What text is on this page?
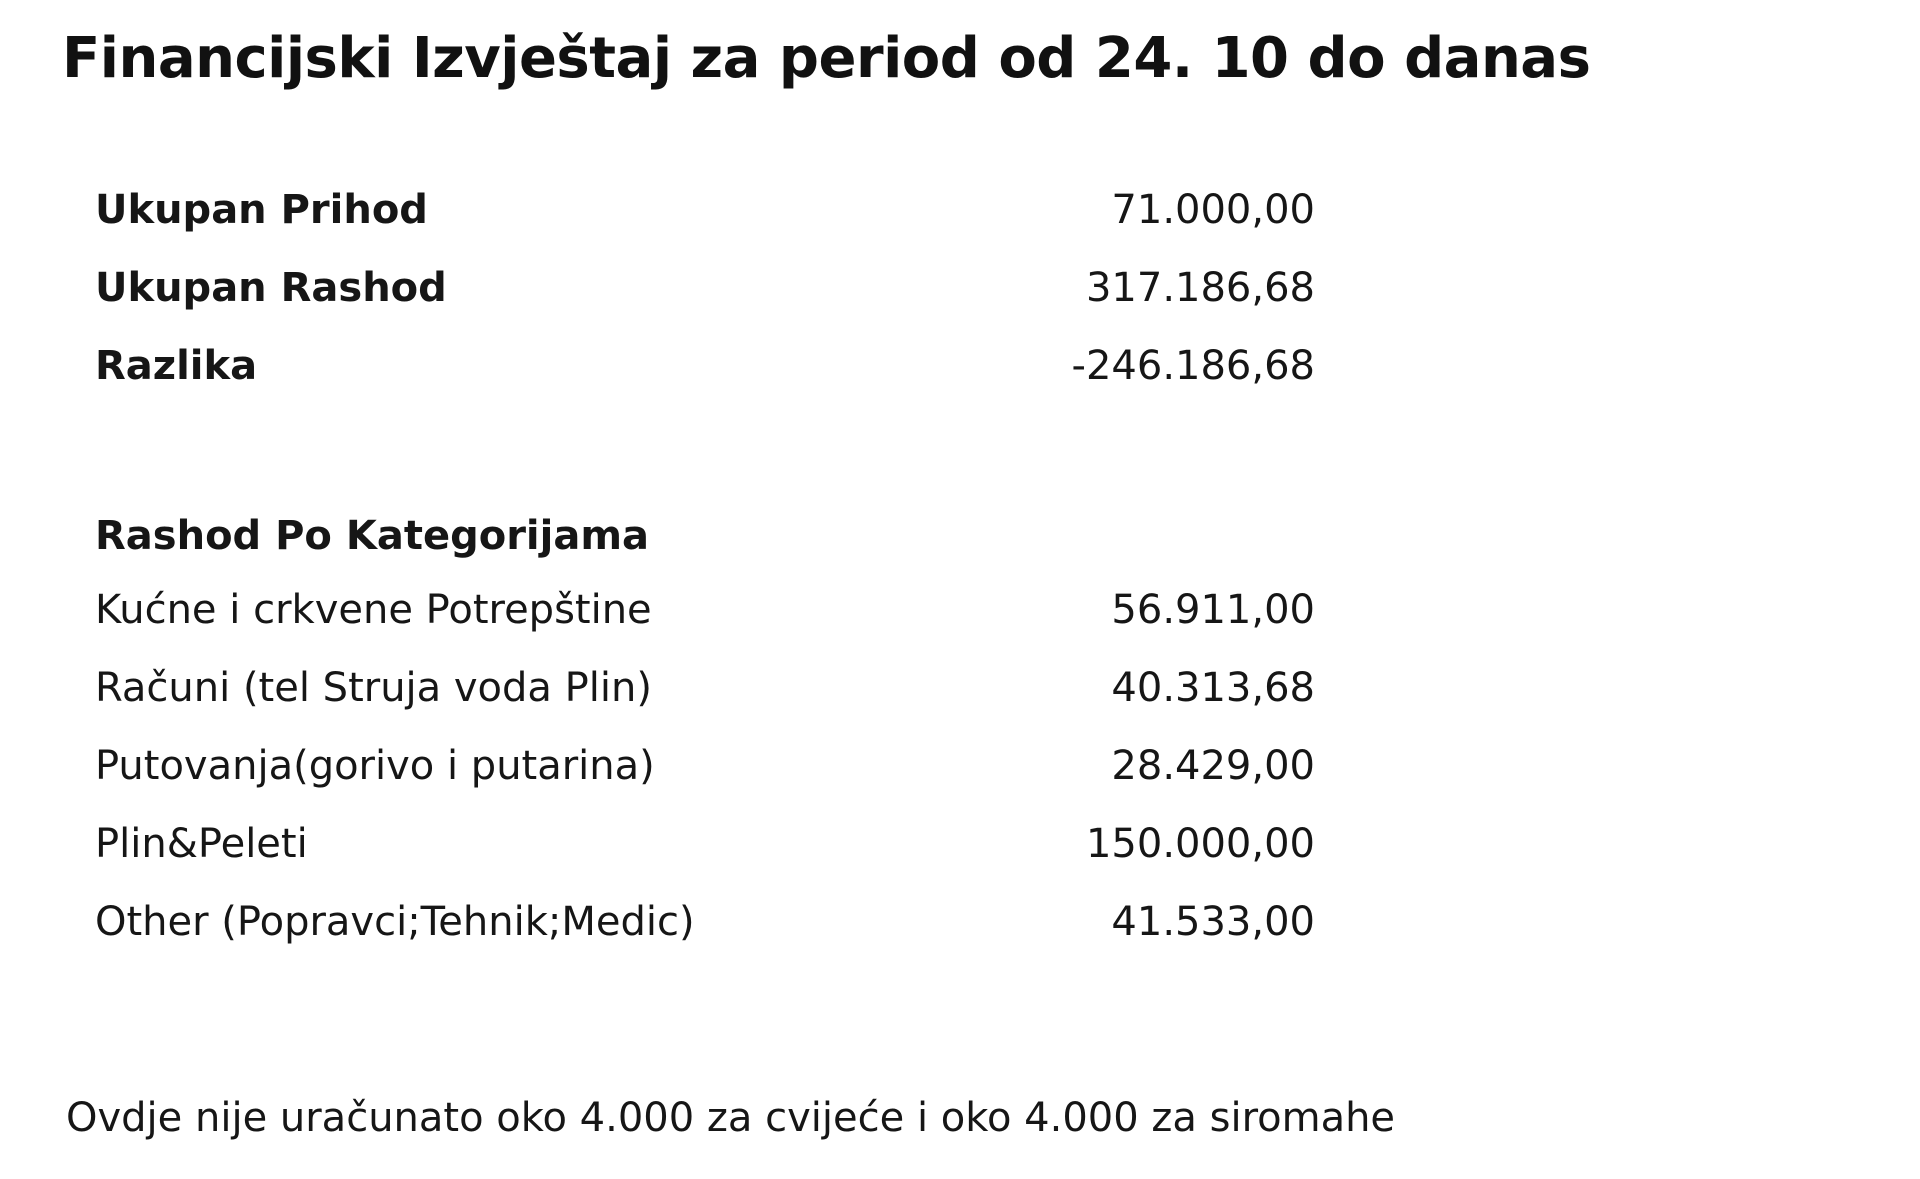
Financijski Izvještaj za period od 24. 10 do danas
Ukupan Prihod	71.000,00
Ukupan Rashod	317.186,68
Razlika	-246.186,68
Rashod Po Kategorijama
Kućne i crkvene Potrepštine	56.911,00
Računi (tel Struja voda Plin)	40.313,68
Putovanja(gorivo i putarina)	28.429,00
Plin&Peleti	150.000,00
Other (Popravci;Tehnik;Medic)	41.533,00
Ovdje nije uračunato oko 4.000 za cvijeće i oko 4.000 za siromahe
